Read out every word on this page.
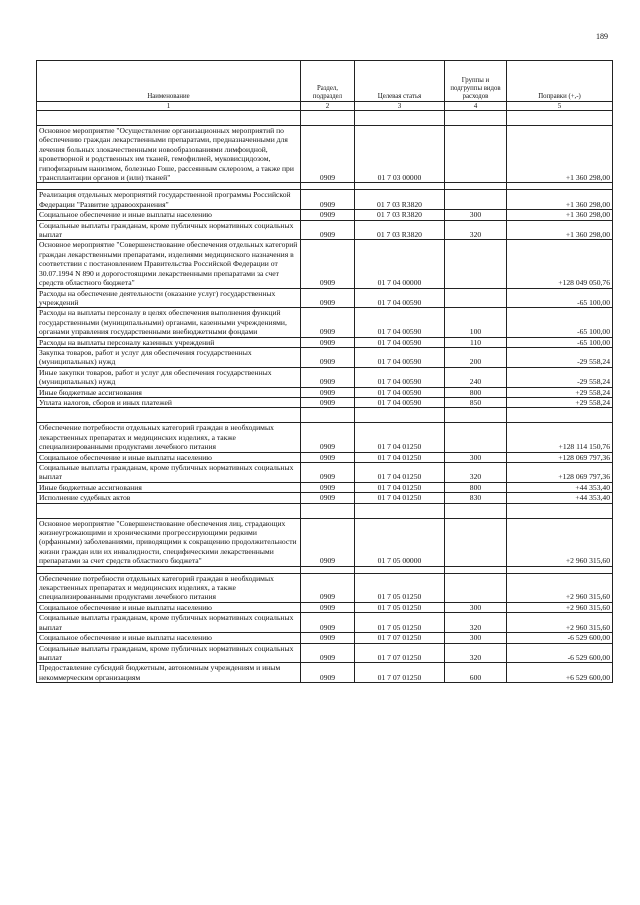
189
Наименование	Раздел, подраздел	Целевая статья	Группы и подгруппы видов расходов	Поправки (+,-)
1	2	3	4	5

Основное мероприятие "Осуществление организационных мероприятий по обеспечению граждан лекарственными препаратами, предназначенными для лечения больных злокачественными новообразованиями лимфоидной, кроветворной и родственных им тканей, гемофилией, муковисцидозом, гипофизарным нанизмом, болезнью Гоше, рассеянным склерозом, а также при трансплантации органов и (или) тканей"	0909	01 7 03 00000		+1 360 298,00

Реализация отдельных мероприятий государственной программы Российской Федерации "Развитие здравоохранения"	0909	01 7 03 R3820		+1 360 298,00
Социальное обеспечение и иные выплаты населению	0909	01 7 03 R3820	300	+1 360 298,00
Социальные выплаты гражданам, кроме публичных нормативных социальных выплат	0909	01 7 03 R3820	320	+1 360 298,00
Основное мероприятие "Совершенствование обеспечения отдельных категорий граждан лекарственными препаратами, изделиями медицинского назначения в соответствии с постановлением Правительства Российской Федерации от 30.07.1994 N 890 и дорогостоящими лекарственными препаратами за счет средств областного бюджета"	0909	01 7 04 00000		+128 049 050,76
Расходы на обеспечение деятельности (оказание услуг) государственных учреждений	0909	01 7 04 00590		-65 100,00
Расходы на выплаты персоналу в целях обеспечения выполнения функций государственными (муниципальными) органами, казенными учреждениями, органами управления государственными внебюджетными фондами	0909	01 7 04 00590	100	-65 100,00
Расходы на выплаты персоналу казенных учреждений	0909	01 7 04 00590	110	-65 100,00
Закупка товаров, работ и услуг для обеспечения государственных (муниципальных) нужд	0909	01 7 04 00590	200	-29 558,24
Иные закупки товаров, работ и услуг для обеспечения государственных (муниципальных) нужд	0909	01 7 04 00590	240	-29 558,24
Иные бюджетные ассигнования	0909	01 7 04 00590	800	+29 558,24
Уплата налогов, сборов и иных платежей	0909	01 7 04 00590	850	+29 558,24

Обеспечение потребности отдельных категорий граждан в необходимых лекарственных препаратах и медицинских изделиях, а также специализированными продуктами лечебного питания	0909	01 7 04 01250		+128 114 150,76
Социальное обеспечение и иные выплаты населению	0909	01 7 04 01250	300	+128 069 797,36
Социальные выплаты гражданам, кроме публичных нормативных социальных выплат	0909	01 7 04 01250	320	+128 069 797,36
Иные бюджетные ассигнования	0909	01 7 04 01250	800	+44 353,40
Исполнение судебных актов	0909	01 7 04 01250	830	+44 353,40

Основное мероприятие "Совершенствование обеспечения лиц, страдающих жизнеугрожающими и хроническими прогрессирующими редкими (орфанными) заболеваниями, приводящими к сокращению продолжительности жизни граждан или их инвалидности, специфическими лекарственными препаратами за счет средств областного бюджета"	0909	01 7 05 00000		+2 960 315,60

Обеспечение потребности отдельных категорий граждан в необходимых лекарственных препаратах и медицинских изделиях, а также специализированными продуктами лечебного питания	0909	01 7 05 01250		+2 960 315,60
Социальное обеспечение и иные выплаты населению	0909	01 7 05 01250	300	+2 960 315,60
Социальные выплаты гражданам, кроме публичных нормативных социальных выплат	0909	01 7 05 01250	320	+2 960 315,60
Социальное обеспечение и иные выплаты населению	0909	01 7 07 01250	300	-6 529 600,00
Социальные выплаты гражданам, кроме публичных нормативных социальных выплат	0909	01 7 07 01250	320	-6 529 600,00
Предоставление субсидий бюджетным, автономным учреждениям и иным некоммерческим организациям	0909	01 7 07 01250	600	+6 529 600,00
